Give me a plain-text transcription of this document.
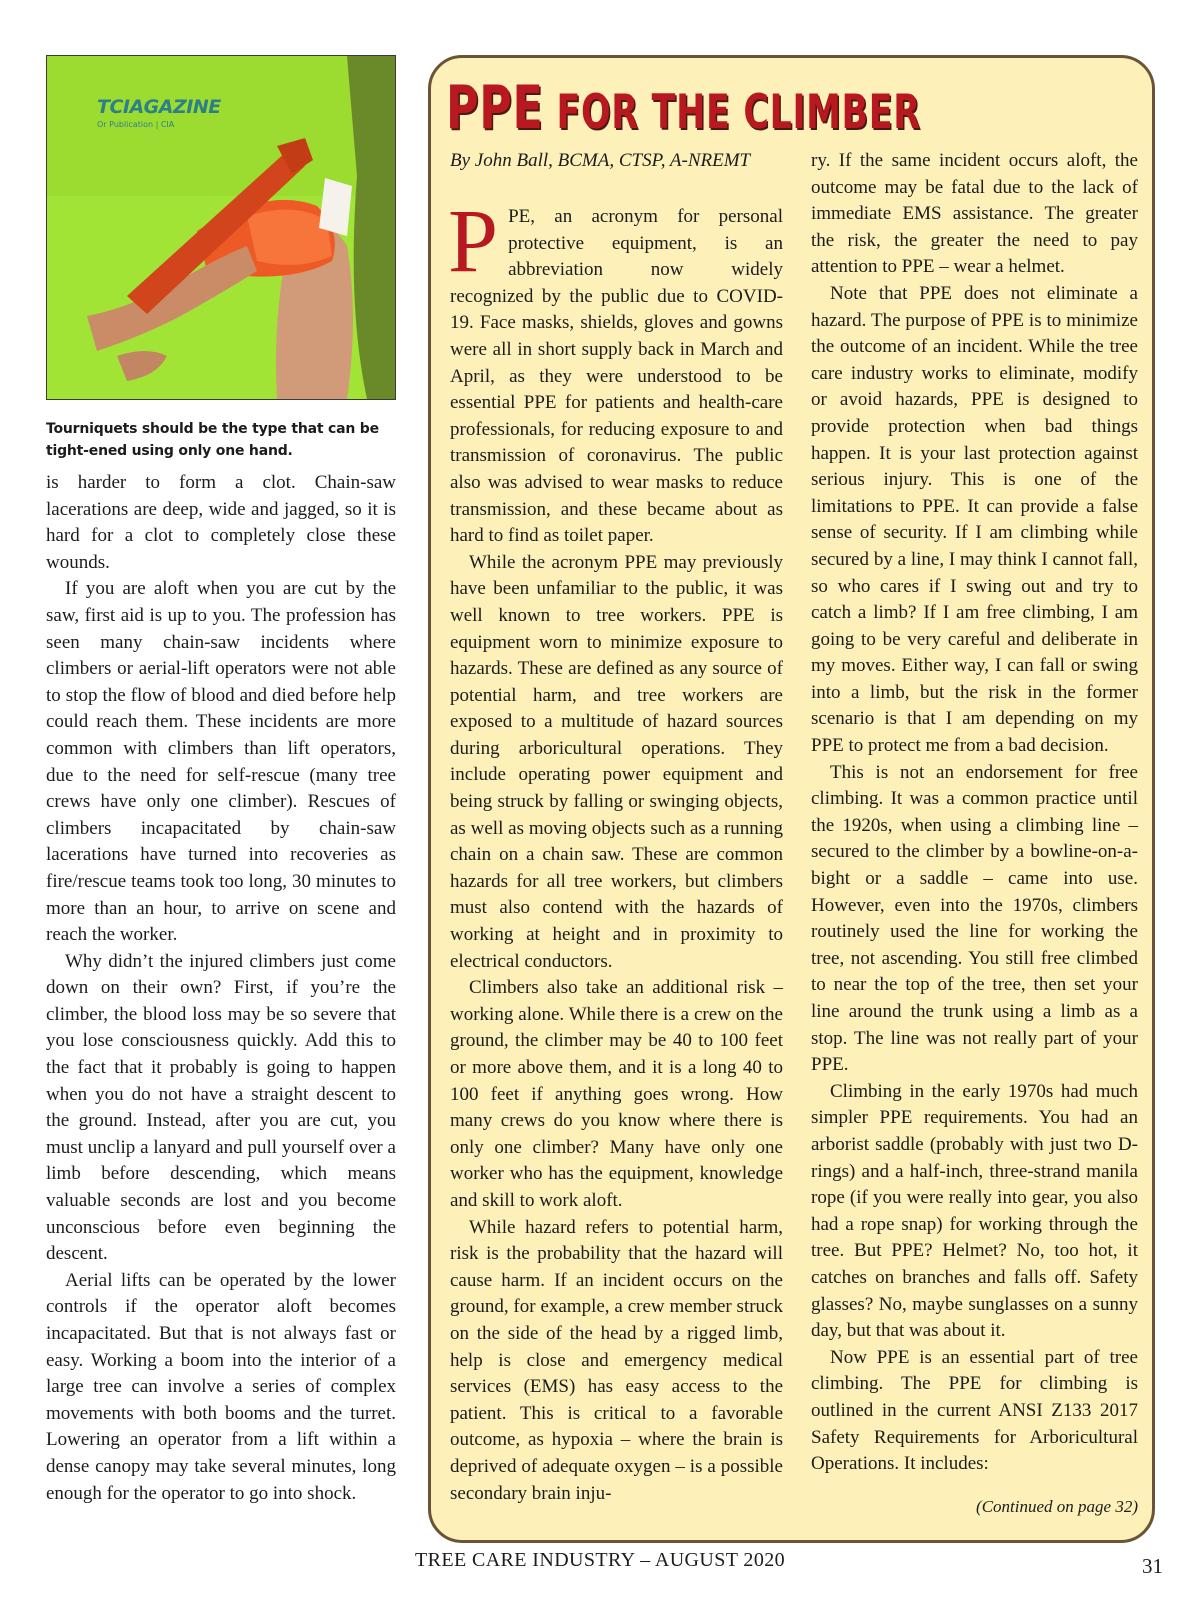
TCIAGAZINE
Or Publication | CIA
Tourniquets should be the type that can be tight-ened using only one hand.

is harder to form a clot. Chain-saw lacerations are deep, wide and jagged, so it is hard for a clot to completely close these wounds.

If you are aloft when you are cut by the saw, first aid is up to you. The profession has seen many chain-saw incidents where climbers or aerial-lift operators were not able to stop the flow of blood and died before help could reach them. These incidents are more common with climbers than lift operators, due to the need for self-rescue (many tree crews have only one climber). Rescues of climbers incapacitated by chain-saw lacerations have turned into recoveries as fire/rescue teams took too long, 30 minutes to more than an hour, to arrive on scene and reach the worker.

Why didn’t the injured climbers just come down on their own? First, if you’re the climber, the blood loss may be so severe that you lose consciousness quickly. Add this to the fact that it probably is going to happen when you do not have a straight descent to the ground. Instead, after you are cut, you must unclip a lanyard and pull yourself over a limb before descending, which means valuable seconds are lost and you become unconscious before even beginning the descent.

Aerial lifts can be operated by the lower controls if the operator aloft becomes incapacitated. But that is not always fast or easy. Working a boom into the interior of a large tree can involve a series of complex movements with both booms and the turret. Lowering an operator from a lift within a dense canopy may take several minutes, long enough for the operator to go into shock.

PPE FOR THE CLIMBER
By John Ball, BCMA, CTSP, A-NREMT

PPE, an acronym for personal protective equipment, is an abbreviation now widely recognized by the public due to COVID-19. Face masks, shields, gloves and gowns were all in short supply back in March and April, as they were understood to be essential PPE for patients and health-care professionals, for reducing exposure to and transmission of coronavirus. The public also was advised to wear masks to reduce transmission, and these became about as hard to find as toilet paper.

While the acronym PPE may previously have been unfamiliar to the public, it was well known to tree workers. PPE is equipment worn to minimize exposure to hazards. These are defined as any source of potential harm, and tree workers are exposed to a multitude of hazard sources during arboricultural operations. They include operating power equipment and being struck by falling or swinging objects, as well as moving objects such as a running chain on a chain saw. These are common hazards for all tree workers, but climbers must also contend with the hazards of working at height and in proximity to electrical conductors.

Climbers also take an additional risk – working alone. While there is a crew on the ground, the climber may be 40 to 100 feet or more above them, and it is a long 40 to 100 feet if anything goes wrong. How many crews do you know where there is only one climber? Many have only one worker who has the equipment, knowledge and skill to work aloft.

While hazard refers to potential harm, risk is the probability that the hazard will cause harm. If an incident occurs on the ground, for example, a crew member struck on the side of the head by a rigged limb, help is close and emergency medical services (EMS) has easy access to the patient. This is critical to a favorable outcome, as hypoxia – where the brain is deprived of adequate oxygen – is a possible secondary brain inju-

ry. If the same incident occurs aloft, the outcome may be fatal due to the lack of immediate EMS assistance. The greater the risk, the greater the need to pay attention to PPE – wear a helmet.

Note that PPE does not eliminate a hazard. The purpose of PPE is to minimize the outcome of an incident. While the tree care industry works to eliminate, modify or avoid hazards, PPE is designed to provide protection when bad things happen. It is your last protection against serious injury. This is one of the limitations to PPE. It can provide a false sense of security. If I am climbing while secured by a line, I may think I cannot fall, so who cares if I swing out and try to catch a limb? If I am free climbing, I am going to be very careful and deliberate in my moves. Either way, I can fall or swing into a limb, but the risk in the former scenario is that I am depending on my PPE to protect me from a bad decision.

This is not an endorsement for free climbing. It was a common practice until the 1920s, when using a climbing line – secured to the climber by a bowline-on-a-bight or a saddle – came into use. However, even into the 1970s, climbers routinely used the line for working the tree, not ascending. You still free climbed to near the top of the tree, then set your line around the trunk using a limb as a stop. The line was not really part of your PPE.

Climbing in the early 1970s had much simpler PPE requirements. You had an arborist saddle (probably with just two D-rings) and a half-inch, three-strand manila rope (if you were really into gear, you also had a rope snap) for working through the tree. But PPE? Helmet? No, too hot, it catches on branches and falls off. Safety glasses? No, maybe sunglasses on a sunny day, but that was about it.

Now PPE is an essential part of tree climbing. The PPE for climbing is outlined in the current ANSI Z133 2017 Safety Requirements for Arboricultural Operations. It includes:

(Continued on page 32)
TREE CARE INDUSTRY – AUGUST 2020	31
